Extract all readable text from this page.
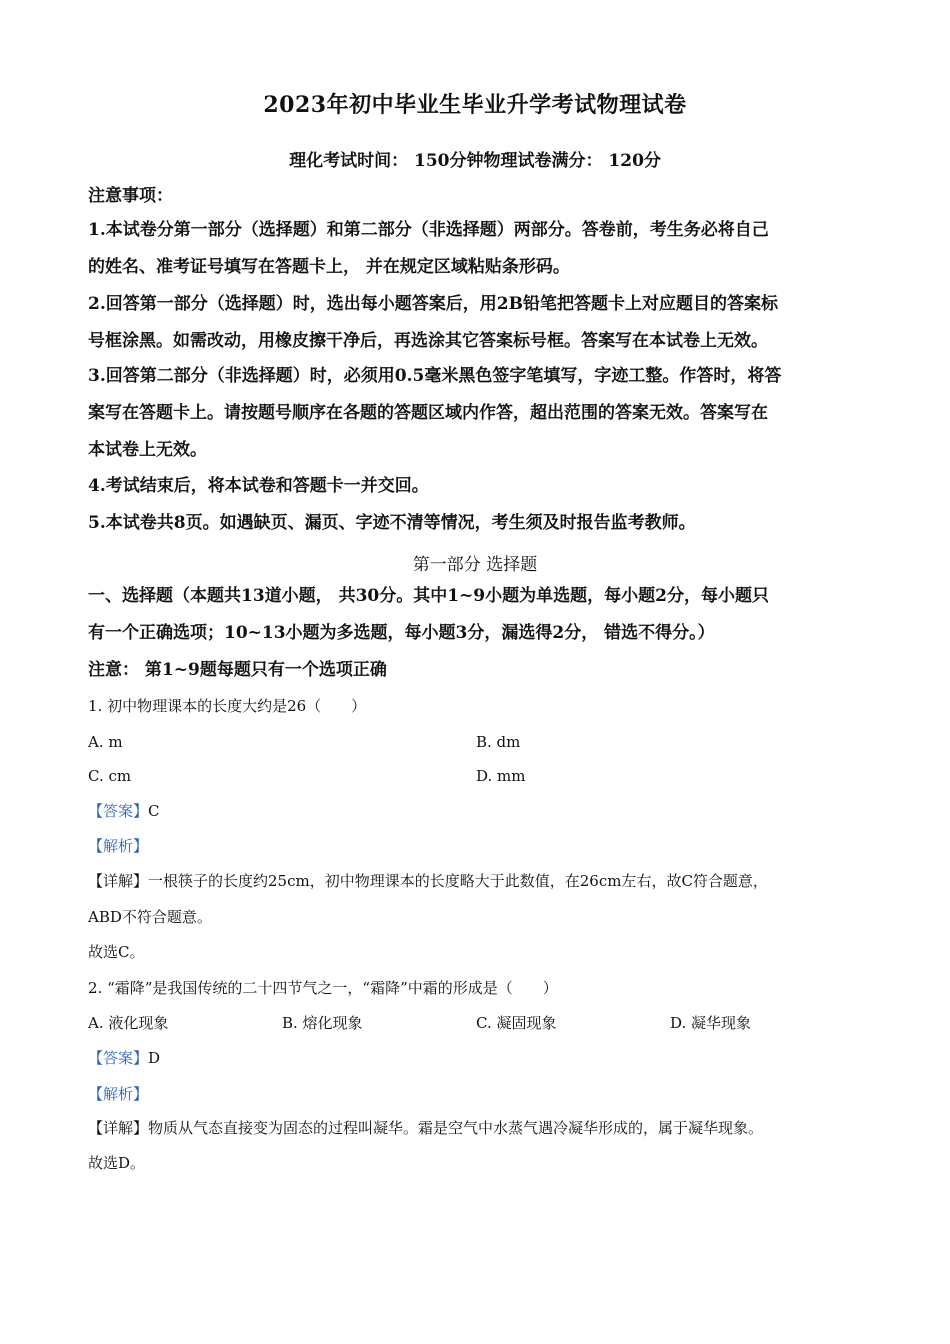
2023年初中毕业生毕业升学考试物理试卷
理化考试时间： 150分钟物理试卷满分： 120分
注意事项：
1.本试卷分第一部分（选择题）和第二部分（非选择题）两部分。答卷前，考生务必将自己
的姓名、准考证号填写在答题卡上， 并在规定区域粘贴条形码。
2.回答第一部分（选择题）时，选出每小题答案后，用2B铅笔把答题卡上对应题目的答案标
号框涂黑。如需改动，用橡皮擦干净后，再选涂其它答案标号框。答案写在本试卷上无效。
3.回答第二部分（非选择题）时，必须用0.5毫米黑色签字笔填写，字迹工整。作答时，将答
案写在答题卡上。请按题号顺序在各题的答题区域内作答，超出范围的答案无效。答案写在
本试卷上无效。
4.考试结束后，将本试卷和答题卡一并交回。
5.本试卷共8页。如遇缺页、漏页、字迹不清等情况，考生须及时报告监考教师。
第一部分 选择题
一、选择题（本题共13道小题， 共30分。其中1~9小题为单选题，每小题2分，每小题只
有一个正确选项；10~13小题为多选题，每小题3分，漏选得2分， 错选不得分。）
注意： 第1~9题每题只有一个选项正确
1. 初中物理课本的长度大约是26（　　）
A. m	B. dm
C. cm	D. mm
【答案】C
【解析】
【详解】一根筷子的长度约25cm，初中物理课本的长度略大于此数值，在26cm左右，故C符合题意，
ABD不符合题意。
故选C。
2. “霜降”是我国传统的二十四节气之一，“霜降”中霜的形成是（　　）
A. 液化现象	B. 熔化现象	C. 凝固现象	D. 凝华现象
【答案】D
【解析】
【详解】物质从气态直接变为固态的过程叫凝华。霜是空气中水蒸气遇冷凝华形成的，属于凝华现象。
故选D。
